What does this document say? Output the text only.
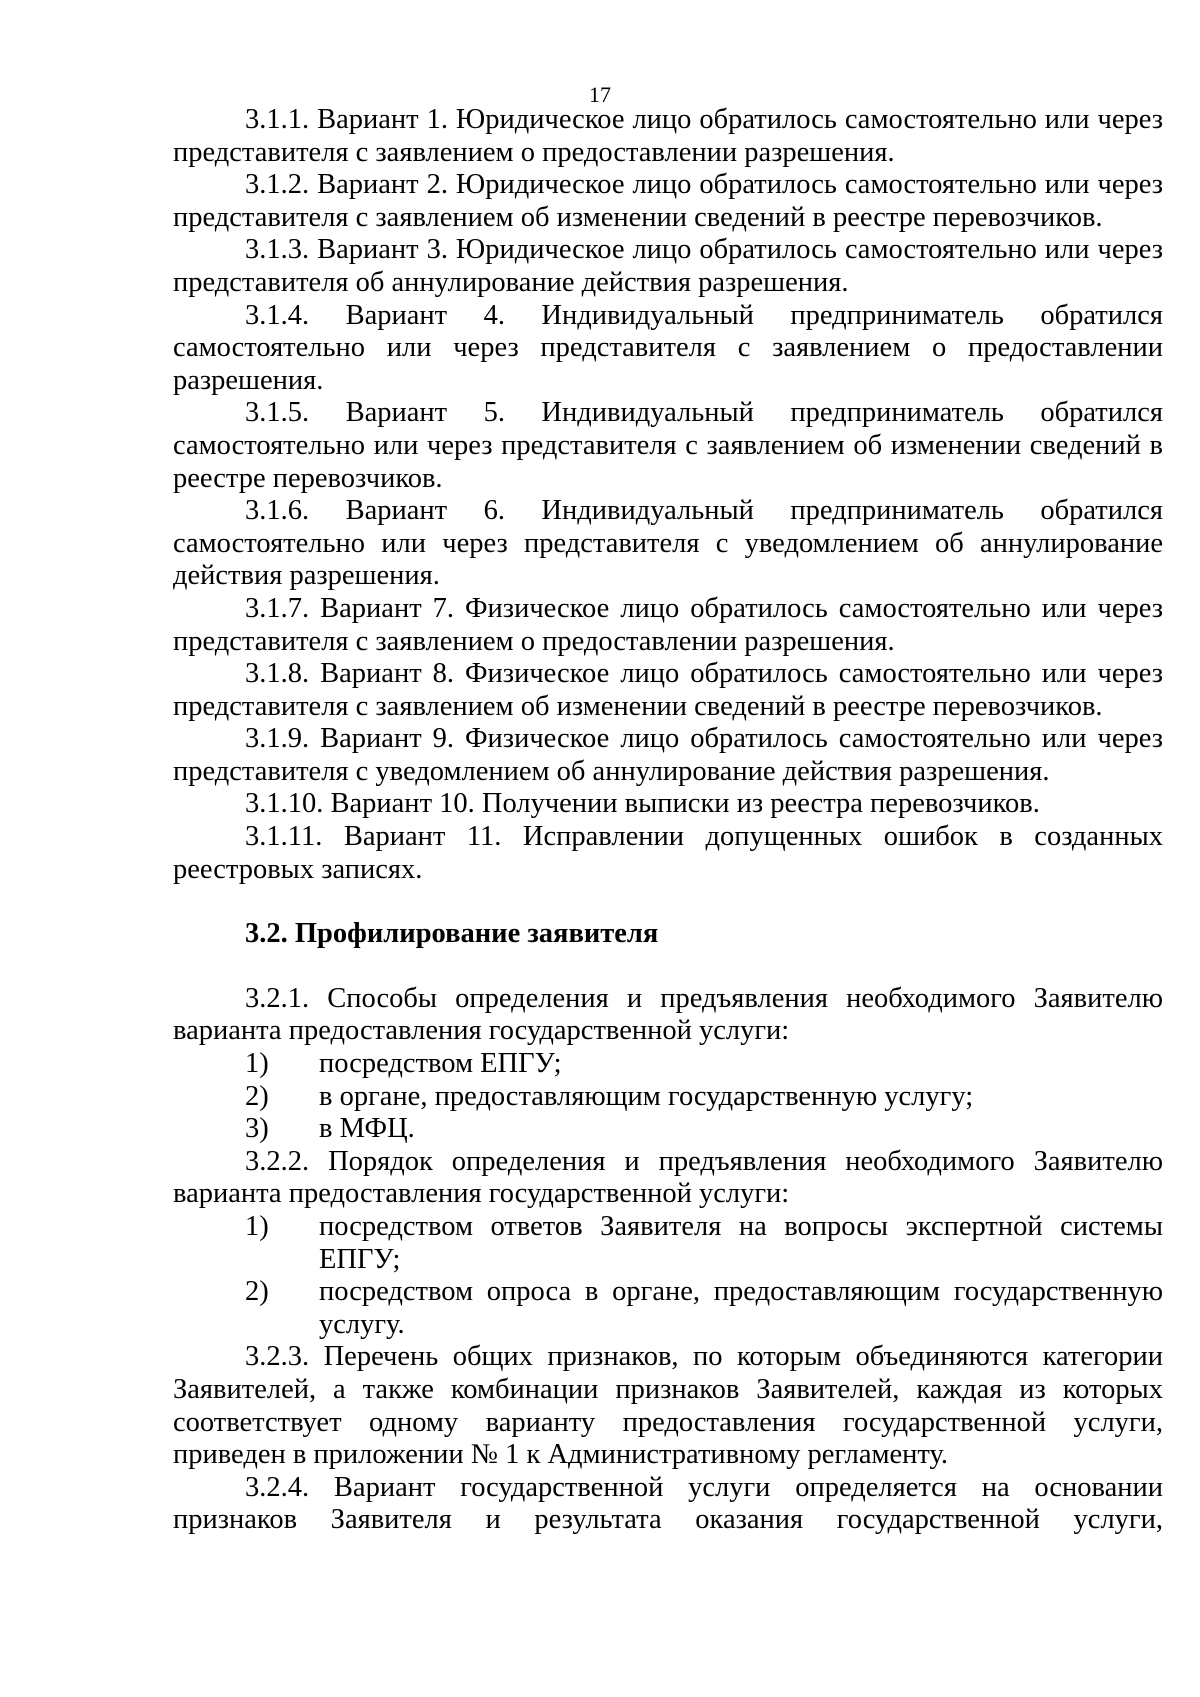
17

3.1.1. Вариант 1. Юридическое лицо обратилось самостоятельно или через представителя с заявлением о предоставлении разрешения.

3.1.2. Вариант 2. Юридическое лицо обратилось самостоятельно или через представителя с заявлением об изменении сведений в реестре перевозчиков.

3.1.3. Вариант 3. Юридическое лицо обратилось самостоятельно или через представителя об аннулирование действия разрешения.

3.1.4. Вариант 4. Индивидуальный предприниматель обратился самостоятельно или через представителя с заявлением о предоставлении разрешения.

3.1.5. Вариант 5. Индивидуальный предприниматель обратился самостоятельно или через представителя с заявлением об изменении сведений в реестре перевозчиков.

3.1.6. Вариант 6. Индивидуальный предприниматель обратился самостоятельно или через представителя с уведомлением об аннулирование действия разрешения.

3.1.7. Вариант 7. Физическое лицо обратилось самостоятельно или через представителя с заявлением о предоставлении разрешения.

3.1.8. Вариант 8. Физическое лицо обратилось самостоятельно или через представителя с заявлением об изменении сведений в реестре перевозчиков.

3.1.9. Вариант 9. Физическое лицо обратилось самостоятельно или через представителя с уведомлением об аннулирование действия разрешения.

3.1.10. Вариант 10. Получении выписки из реестра перевозчиков.

3.1.11. Вариант 11. Исправлении допущенных ошибок в созданных реестровых записях.

3.2. Профилирование заявителя

3.2.1. Способы определения и предъявления необходимого Заявителю варианта предоставления государственной услуги:

1) посредством ЕПГУ;
2) в органе, предоставляющим государственную услугу;
3) в МФЦ.

3.2.2. Порядок определения и предъявления необходимого Заявителю варианта предоставления государственной услуги:

1) посредством ответов Заявителя на вопросы экспертной системы ЕПГУ;
2) посредством опроса в органе, предоставляющим государственную услугу.

3.2.3. Перечень общих признаков, по которым объединяются категории Заявителей, а также комбинации признаков Заявителей, каждая из которых соответствует одному варианту предоставления государственной услуги, приведен в приложении № 1 к Административному регламенту.

3.2.4. Вариант государственной услуги определяется на основании признаков Заявителя и результата оказания государственной услуги,
